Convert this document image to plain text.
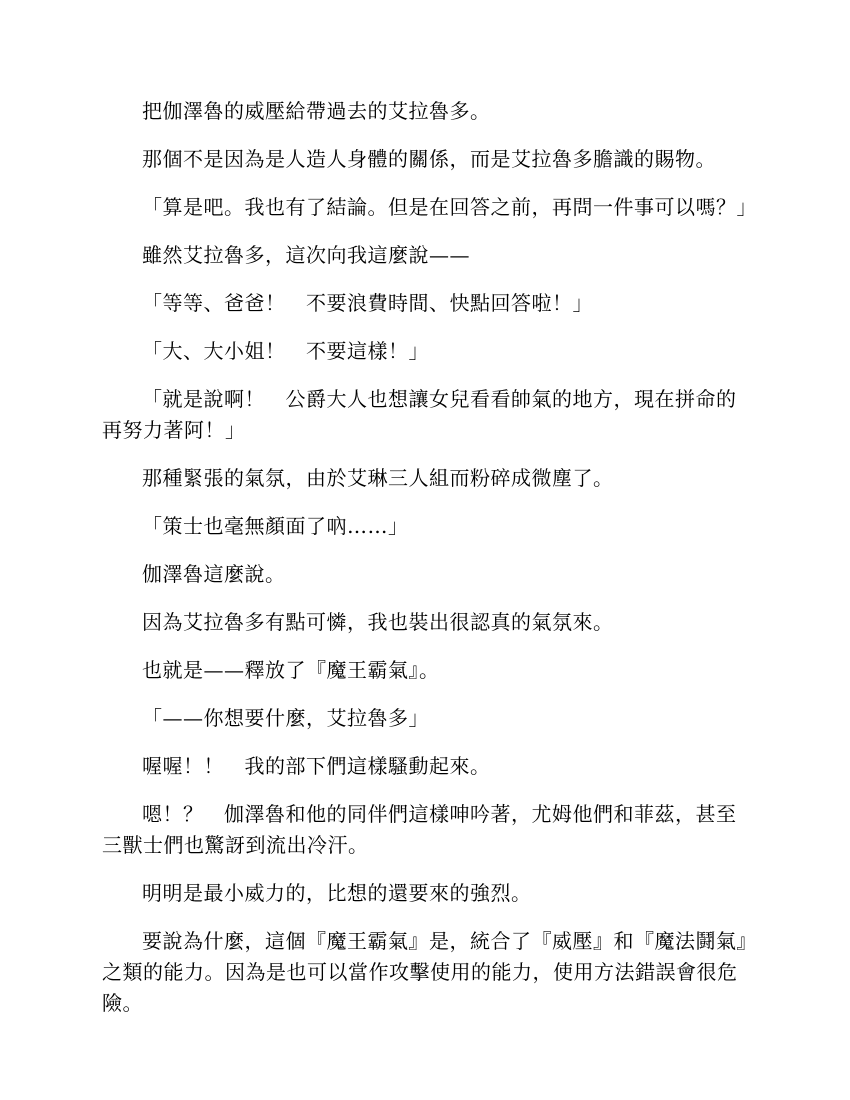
把伽澤魯的威壓給帶過去的艾拉魯多。

那個不是因為是人造人身體的關係，而是艾拉魯多膽識的賜物。

「算是吧。我也有了結論。但是在回答之前，再問一件事可以嗎？」

雖然艾拉魯多，這次向我這麼說——

「等等、爸爸！　不要浪費時間、快點回答啦！」

「大、大小姐！　不要這樣！」

「就是說啊！　公爵大人也想讓女兒看看帥氣的地方，現在拼命的再努力著阿！」

那種緊張的氣氛，由於艾琳三人組而粉碎成微塵了。

「策士也毫無顏面了吶……」

伽澤魯這麼說。

因為艾拉魯多有點可憐，我也裝出很認真的氣氛來。

也就是——釋放了『魔王霸氣』。

「——你想要什麼，艾拉魯多」

喔喔！！　我的部下們這樣騷動起來。

嗯！？　伽澤魯和他的同伴們這樣呻吟著，尤姆他們和菲茲，甚至三獸士們也驚訝到流出冷汗。

明明是最小威力的，比想的還要來的強烈。

要說為什麼，這個『魔王霸氣』是，統合了『威壓』和『魔法鬪氣』之類的能力。因為是也可以當作攻擊使用的能力，使用方法錯誤會很危險。
